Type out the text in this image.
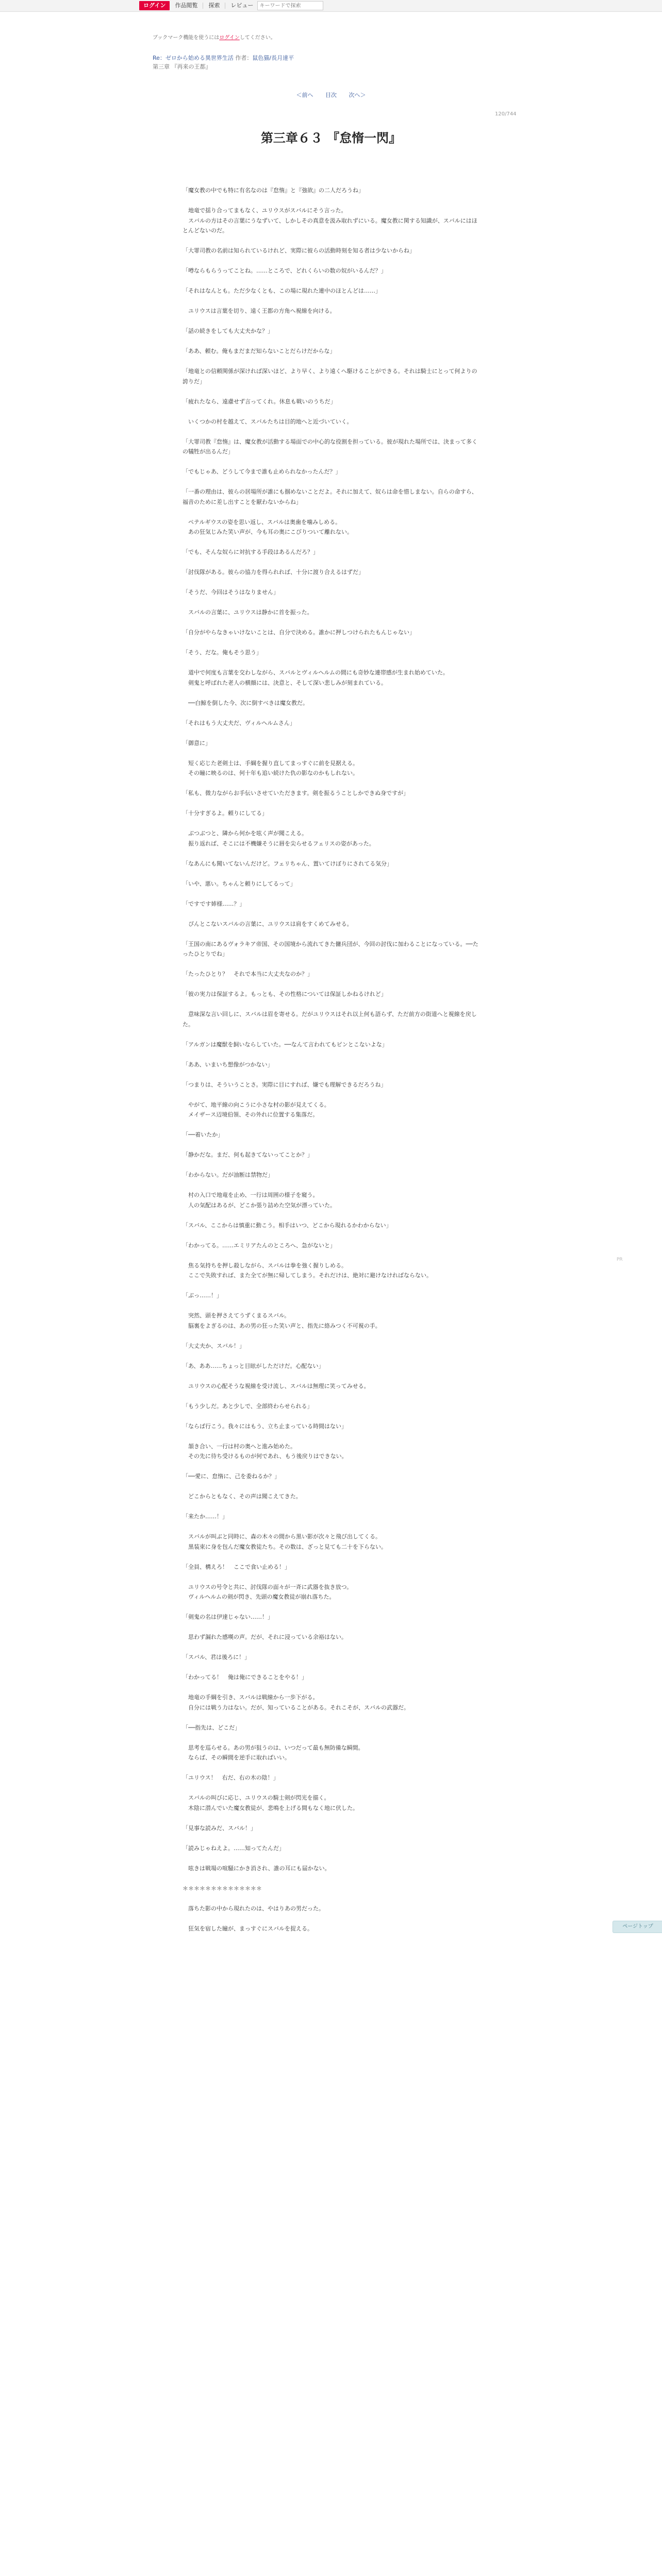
ログイン	作品閲覧 探索 レビュー
キーワードで探索
ブックマーク機能を使うにはログインしてください。
Re：ゼロから始める異世界生活 作者：鼠色猫/長月達平
第三章 『再来の王都』
＜前へ 目次 次へ＞
120/744
第三章６３ 『怠惰一閃』

「魔女教の中でも特に有名なのは『怠惰』と『強欲』の二人だろうね」

　地竜で揺り合ってまもなく、ユリウスがスバルにそう言った。

　スバルの方はその言葉にうなずいて、しかしその真意を汲み取れずにいる。魔女教に関する知識が、スバルにはほとんどないのだ。

「大罪司教の名前は知られているけれど、実際に彼らの活動時刻を知る者は少ないからね」

「噂ならもらうってことね。……ところで、どれくらいの数の奴がいるんだ？」

「それはなんとも。ただ少なくとも、この場に現れた連中のほとんどは……」

　ユリウスは言葉を切り、遠く王都の方角へ視線を向ける。

「話の続きをしても大丈夫かな？」

「ああ、頼む。俺もまだまだ知らないことだらけだからな」

「地竜との信頼関係が深ければ深いほど、より早く、より遠くへ駆けることができる。それは騎士にとって何よりの誇りだ」

「疲れたなら、遠慮せず言ってくれ。休息も戦いのうちだ」

　いくつかの村を越えて、スバルたちは目的地へと近づいていく。

「大罪司教『怠惰』は、魔女教が活動する場面での中心的な役割を担っている。彼が現れた場所では、決まって多くの犠牲が出るんだ」

「でもじゃあ、どうして今まで誰も止められなかったんだ？」

「一番の理由は、彼らの居場所が誰にも掴めないことだよ。それに加えて、奴らは命を惜しまない。自らの命すら、福音のために差し出すことを厭わないからね」

　ペテルギウスの姿を思い返し、スバルは奥歯を噛みしめる。

　あの狂気じみた笑い声が、今も耳の奥にこびりついて離れない。

「でも、そんな奴らに対抗する手段はあるんだろ？」

「討伐隊がある。彼らの協力を得られれば、十分に渡り合えるはずだ」

「そうだ、今回はそうはなりません」

　スバルの言葉に、ユリウスは静かに首を振った。

「自分がやらなきゃいけないことは、自分で決める。誰かに押しつけられたもんじゃない」

「そう、だな。俺もそう思う」

　道中で何度も言葉を交わしながら、スバルとヴィルヘルムの間にも奇妙な連帯感が生まれ始めていた。

　剣鬼と呼ばれた老人の横顔には、決意と、そして深い悲しみが刻まれている。

　──白鯨を倒した今、次に倒すべきは魔女教だ。

「それはもう大丈夫だ、ヴィルヘルムさん」

「御意に」

　短く応じた老剣士は、手綱を握り直してまっすぐに前を見据える。

　その瞳に映るのは、何十年も追い続けた仇の影なのかもしれない。

「私も、微力ながらお手伝いさせていただきます。剣を振るうことしかできぬ身ですが」

「十分すぎるよ。頼りにしてる」

　ぶつぶつと、隣から何かを呟く声が聞こえる。

　振り返れば、そこには不機嫌そうに唇を尖らせるフェリスの姿があった。

「なあんにも聞いてないんだけど。フェリちゃん、置いてけぼりにされてる気分」

「いや、悪い。ちゃんと頼りにしてるって」

「ですです姉様……？」

　ぴんとこないスバルの言葉に、ユリウスは肩をすくめてみせる。

「王国の南にあるヴォラキア帝国、その国境から流れてきた傭兵団が、今回の討伐に加わることになっている。──たったひとりでね」

「たったひとり？　それで本当に大丈夫なのか？」

「彼の実力は保証するよ。もっとも、その性格については保証しかねるけれど」

　意味深な言い回しに、スバルは眉を寄せる。だがユリウスはそれ以上何も語らず、ただ前方の街道へと視線を戻した。

「アルガンは魔獣を飼いならしていた。──なんて言われてもピンとこないよな」

「ああ、いまいち想像がつかない」

「つまりは、そういうことさ。実際に目にすれば、嫌でも理解できるだろうね」

　やがて、地平線の向こうに小さな村の影が見えてくる。

　メイザース辺境伯領、その外れに位置する集落だ。

「──着いたか」

「静かだな。まだ、何も起きてないってことか？」

「わからない。だが油断は禁物だ」

　村の入口で地竜を止め、一行は周囲の様子を窺う。

　人の気配はあるが、どこか張り詰めた空気が漂っていた。

「スバル、ここからは慎重に動こう。相手はいつ、どこから現れるかわからない」

「わかってる。……エミリアたんのところへ、急がないと」

　焦る気持ちを押し殺しながら、スバルは拳を強く握りしめる。

　ここで失敗すれば、また全てが無に帰してしまう。それだけは、絶対に避けなければならない。

「ぶっ……！」

　突然、頭を押さえてうずくまるスバル。

　脳裏をよぎるのは、あの男の狂った笑い声と、指先に絡みつく不可視の手。

「大丈夫か、スバル！」

「あ、ああ……ちょっと目眩がしただけだ。心配ない」

　ユリウスの心配そうな視線を受け流し、スバルは無理に笑ってみせる。

「もう少しだ。あと少しで、全部終わらせられる」

「ならば行こう。我々にはもう、立ち止まっている時間はない」

　頷き合い、一行は村の奥へと進み始めた。

　その先に待ち受けるものが何であれ、もう後戻りはできない。

「──愛に、怠惰に、己を委ねるか？」

　どこからともなく、その声は聞こえてきた。

「来たか……！」

　スバルが叫ぶと同時に、森の木々の間から黒い影が次々と飛び出してくる。

　黒装束に身を包んだ魔女教徒たち。その数は、ざっと見ても二十を下らない。

「全員、構えろ！　ここで食い止める！」

　ユリウスの号令と共に、討伐隊の面々が一斉に武器を抜き放つ。

　ヴィルヘルムの剣が閃き、先頭の魔女教徒が崩れ落ちた。

「剣鬼の名は伊達じゃない……！」

　思わず漏れた感嘆の声。だが、それに浸っている余裕はない。

「スバル、君は後ろに！」

「わかってる！　俺は俺にできることをやる！」

　地竜の手綱を引き、スバルは戦線から一歩下がる。

　自分には戦う力はない。だが、知っていることがある。それこそが、スバルの武器だ。

「──指先は、どこだ」

　思考を巡らせる。あの男が狙うのは、いつだって最も無防備な瞬間。

　ならば、その瞬間を逆手に取ればいい。

「ユリウス！　右だ、右の木の陰！」

　スバルの叫びに応じ、ユリウスの騎士剣が閃光を描く。

　木陰に潜んでいた魔女教徒が、悲鳴を上げる間もなく地に伏した。

「見事な読みだ、スバル！」

「読みじゃねえよ。……知ってたんだ」

　呟きは戦場の喧騒にかき消され、誰の耳にも届かない。

＊＊＊＊＊＊＊＊＊＊＊＊＊＊

　落ちた影の中から現れたのは、やはりあの男だった。

　狂気を宿した瞳が、まっすぐにスバルを捉える。

PR
ページトップ
